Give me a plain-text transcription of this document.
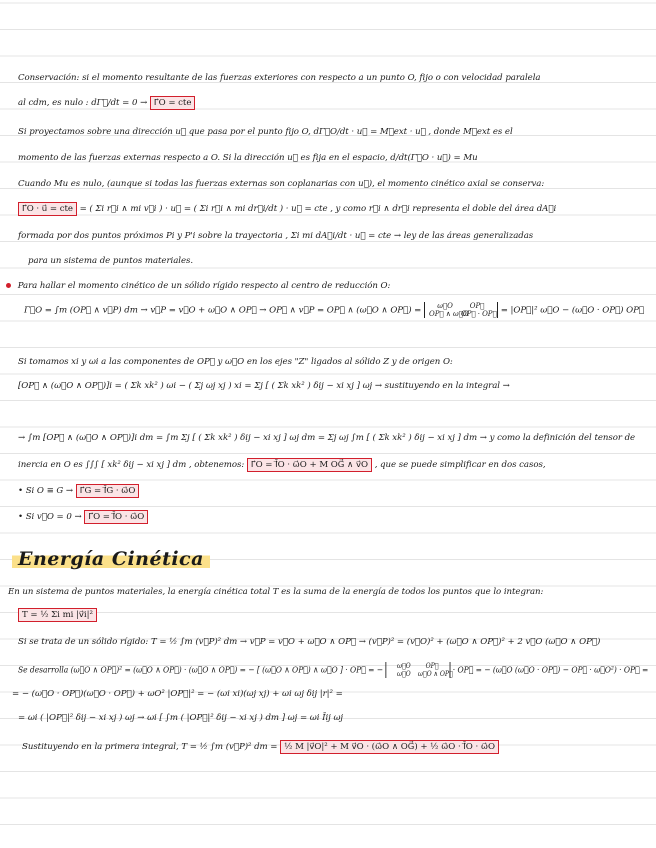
Conservación: si el momento resultante de las fuerzas exteriores con respecto a un punto O, fijo o con velocidad paralela
al cdm, es nulo : dΓ⃗/dt = 0 → Γ⃗O = cte
Si proyectamos sobre una dirección u⃗ que pasa por el punto fijo O, dΓ⃗O/dt · u⃗ = M⃗ext · u⃗ , donde M⃗ext es el
momento de las fuerzas externas respecto a O. Si la dirección u⃗ es fija en el espacio, d/dt(Γ⃗O · u⃗) = Mu
Cuando Mu es nulo, (aunque si todas las fuerzas externas son coplanarias con u⃗), el momento cinético axial se conserva:
Γ⃗O · u⃗ = cte = ( Σi r⃗i ∧ mi v⃗i ) · u⃗ = ( Σi r⃗i ∧ mi dr⃗i/dt ) · u⃗ = cte , y como r⃗i ∧ dr⃗i representa el doble del área dA⃗i
formada por dos puntos próximos Pi y P'i sobre la trayectoria , Σi mi dA⃗i/dt · u⃗ = cte → ley de las áreas generalizadas
para un sistema de puntos materiales.
Para hallar el momento cinético de un sólido rígido respecto al centro de reducción O:
Γ⃗O = ∫m (OP⃗ ∧ v⃗P) dm → v⃗P = v⃗O + ω⃗O ∧ OP⃗ → OP⃗ ∧ v⃗P = OP⃗ ∧ (ω⃗O ∧ OP⃗) = ω⃗O OP⃗
OP⃗ ∧ ω⃗OOP⃗ · OP⃗ = |OP⃗|² ω⃗O − (ω⃗O · OP⃗) OP⃗
Si tomamos xi y ωi a las componentes de OP⃗ y ω⃗O en los ejes "Z" ligados al sólido Z y de origen O:
[OP⃗ ∧ (ω⃗O ∧ OP⃗)]i = ( Σk xk² ) ωi − ( Σj ωj xj ) xi = Σj [ ( Σk xk² ) δij − xi xj ] ωj → sustituyendo en la integral →
→ ∫m [OP⃗ ∧ (ω⃗O ∧ OP⃗)]i dm = ∫m Σj [ ( Σk xk² ) δij − xi xj ] ωj dm = Σj ωj ∫m [ ( Σk xk² ) δij − xi xj ] dm → y como la definición del tensor de
inercia en O es ∫∫∫ [ xk² δij − xi xj ] dm , obtenemos: Γ⃗O = Ī⃗O · ω⃗O + M OG⃗ ∧ v⃗O , que se puede simplificar en dos casos,
• Si O ≡ G → Γ⃗G = Ī⃗G · ω⃗O
• Si v⃗O = 0 → Γ⃗O = Ī⃗O · ω⃗O
Energía Cinética
En un sistema de puntos materiales, la energía cinética total T es la suma de la energía de todos los puntos que lo integran:
T = ½ Σi mi |v⃗i|²
Si se trata de un sólido rígido: T = ½ ∫m (v⃗P)² dm → v⃗P = v⃗O + ω⃗O ∧ OP⃗ → (v⃗P)² = (v⃗O)² + (ω⃗O ∧ OP⃗)² + 2 v⃗O (ω⃗O ∧ OP⃗)
Se desarrolla (ω⃗O ∧ OP⃗)² = (ω⃗O ∧ OP⃗) · (ω⃗O ∧ OP⃗) = − [ (ω⃗O ∧ OP⃗) ∧ ω⃗O ] · OP⃗ = − ω⃗O OP⃗
ω⃗O ω⃗O ∧ OP⃗ · OP⃗ = − (ω⃗O (ω⃗O · OP⃗) − OP⃗ · ω⃗O²) · OP⃗ =
= − (ω⃗O · OP⃗)(ω⃗O · OP⃗) + ωO² |OP⃗|² = − (ωi xi)(ωj xj) + ωi ωj δij |r|² =
= ωi ( |OP⃗|² δij − xi xj ) ωj → ωi [ ∫m ( |OP⃗|² δij − xi xj ) dm ] ωj = ωi Īij ωj
Sustituyendo en la primera integral, T = ½ ∫m (v⃗P)² dm = ½ M |v⃗O|² + M v⃗O · (ω⃗O ∧ OG⃗) + ½ ω⃗O · Ī⃗O · ω⃗O
